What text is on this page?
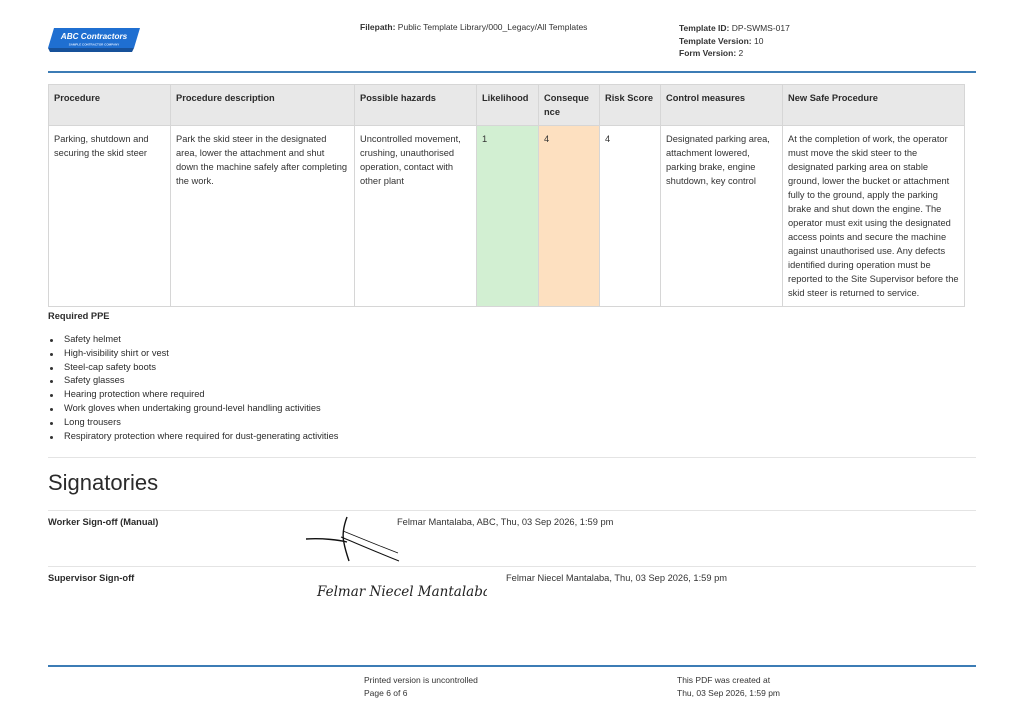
ABC Contractors
SAMPLE CONTRACTOR COMPANY
Filepath: Public Template Library/000_Legacy/All Templates	Template ID: DP-SWMS-017
Template Version: 10
Form Version: 2
Procedure	Procedure description	Possible hazards	Likelihood	Consequence	Risk Score	Control measures	New Safe Procedure
Parking, shutdown and securing the skid steer	Park the skid steer in the designated area, lower the attachment and shut down the machine safely after completing the work.	Uncontrolled movement, crushing, unauthorised operation, contact with other plant	1	4	4	Designated parking area, attachment lowered, parking brake, engine shutdown, key control	At the completion of work, the operator must move the skid steer to the designated parking area on stable ground, lower the bucket or attachment fully to the ground, apply the parking brake and shut down the engine. The operator must exit using the designated access points and secure the machine against unauthorised use. Any defects identified during operation must be reported to the Site Supervisor before the skid steer is returned to service.
Required PPE
Safety helmet
High-visibility shirt or vest
Steel-cap safety boots
Safety glasses
Hearing protection where required
Work gloves when undertaking ground-level handling activities
Long trousers
Respiratory protection where required for dust-generating activities
Signatories
Worker Sign-off (Manual)	Felmar Mantalaba, ABC, Thu, 03 Sep 2026, 1:59 pm
Supervisor Sign-off
Felmar Niecel Mantalaba
Felmar Niecel Mantalaba, Thu, 03 Sep 2026, 1:59 pm
Printed version is uncontrolled
Page 6 of 6
This PDF was created at
Thu, 03 Sep 2026, 1:59 pm
